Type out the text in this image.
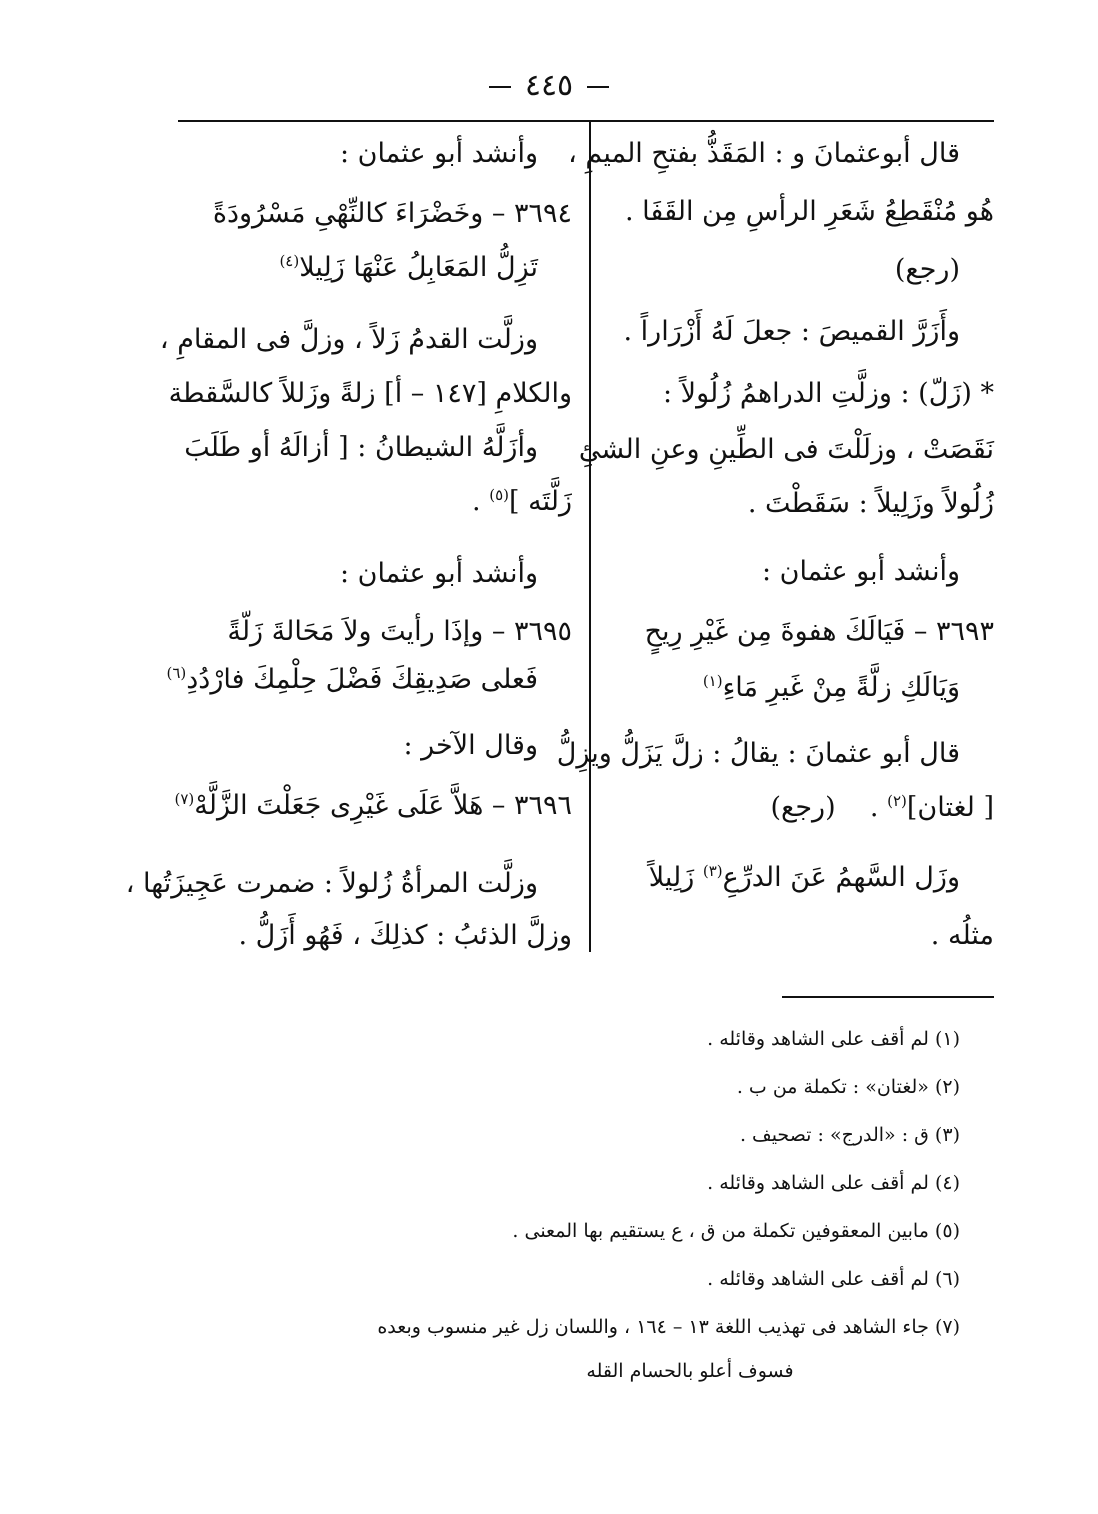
٤٤٥

قال أبوعثمانَ و : المَقَذُّ بفتحِ الميمِ ،

هُو مُنْقَطِعُ شَعَرِ الرأسِ مِن القَفَا .

(رجع)

وأَزَرَّ القميصَ : جعلَ لَهُ أَزْرَاراً .

* (زَلّ) : وزلَّتِ الدراهمُ زُلُولاً :

نَقَصَتْ ، وزلَلْتَ فى الطِّينِ وعنِ الشئِ

زُلُولاً وزَلِيلاً : سَقَطْتَ .

وأنشد أبو عثمان :

٣٦٩٣ – فَيَالَكَ هفوةَ مِن غَيْرِ رِيحٍ

وَيَالَكِ زلَّةً مِنْ غَيرِ مَاءِ$^{(١)}$

قال أبو عثمانَ : يقالُ : زلَّ يَزَلُّ ويزِلُّ

[ لغتان]$^{(٢)}$ .    (رجع)

وزَل السَّهمُ عَنَ الدرِّعِ$^{(٣)}$ زَلِيلاً

مثلُه .

وأنشد أبو عثمان :

٣٦٩٤ – وخَضْرَاءَ كالنِّهْىِ مَسْرُودَةً

تَزِلُّ المَعَابِلُ عَنْهَا زَلِيلا$^{(٤)}$

وزلَّت القدمُ زَلاً ، وزلَّ فى المقامِ ،

والكلامِ [١٤٧ – أ] زلةً وزَللاً كالسَّقطة

وأزَلَّهُ الشيطانُ : [ أزالَهُ أو طَلَبَ

زَلَّتَه ]$^{(٥)}$ .

وأنشد أبو عثمان :

٣٦٩٥ – وإذَا رأيتَ ولاَ مَحَالةَ زَلّةً

فَعلى صَدِيقِكَ فَضْلَ حِلْمِكَ فارْدُدِ$^{(٦)}$

وقال الآخر :

٣٦٩٦ – هَلاَّ عَلَى غَيْرِى جَعَلْتَ الزَّلَّهْ$^{(٧)}$

وزلَّت المرأةُ زُلولاً : ضمرت عَجِيزَتُها ،

وزلَّ الذئبُ : كذلِكَ ، فَهُو أَزَلُّ .

(١) لم أقف على الشاهد وقائله .

(٢) «لغتان» : تكملة من ب .

(٣) ق : «الدرج» : تصحيف .

(٤) لم أقف على الشاهد وقائله .

(٥) مابين المعقوفين تكملة من ق ، ع يستقيم بها المعنى .

(٦) لم أقف على الشاهد وقائله .

(٧) جاء الشاهد فى تهذيب اللغة ١٣ – ١٦٤ ، واللسان زل غير منسوب وبعده

فسوف أعلو بالحسام القله
